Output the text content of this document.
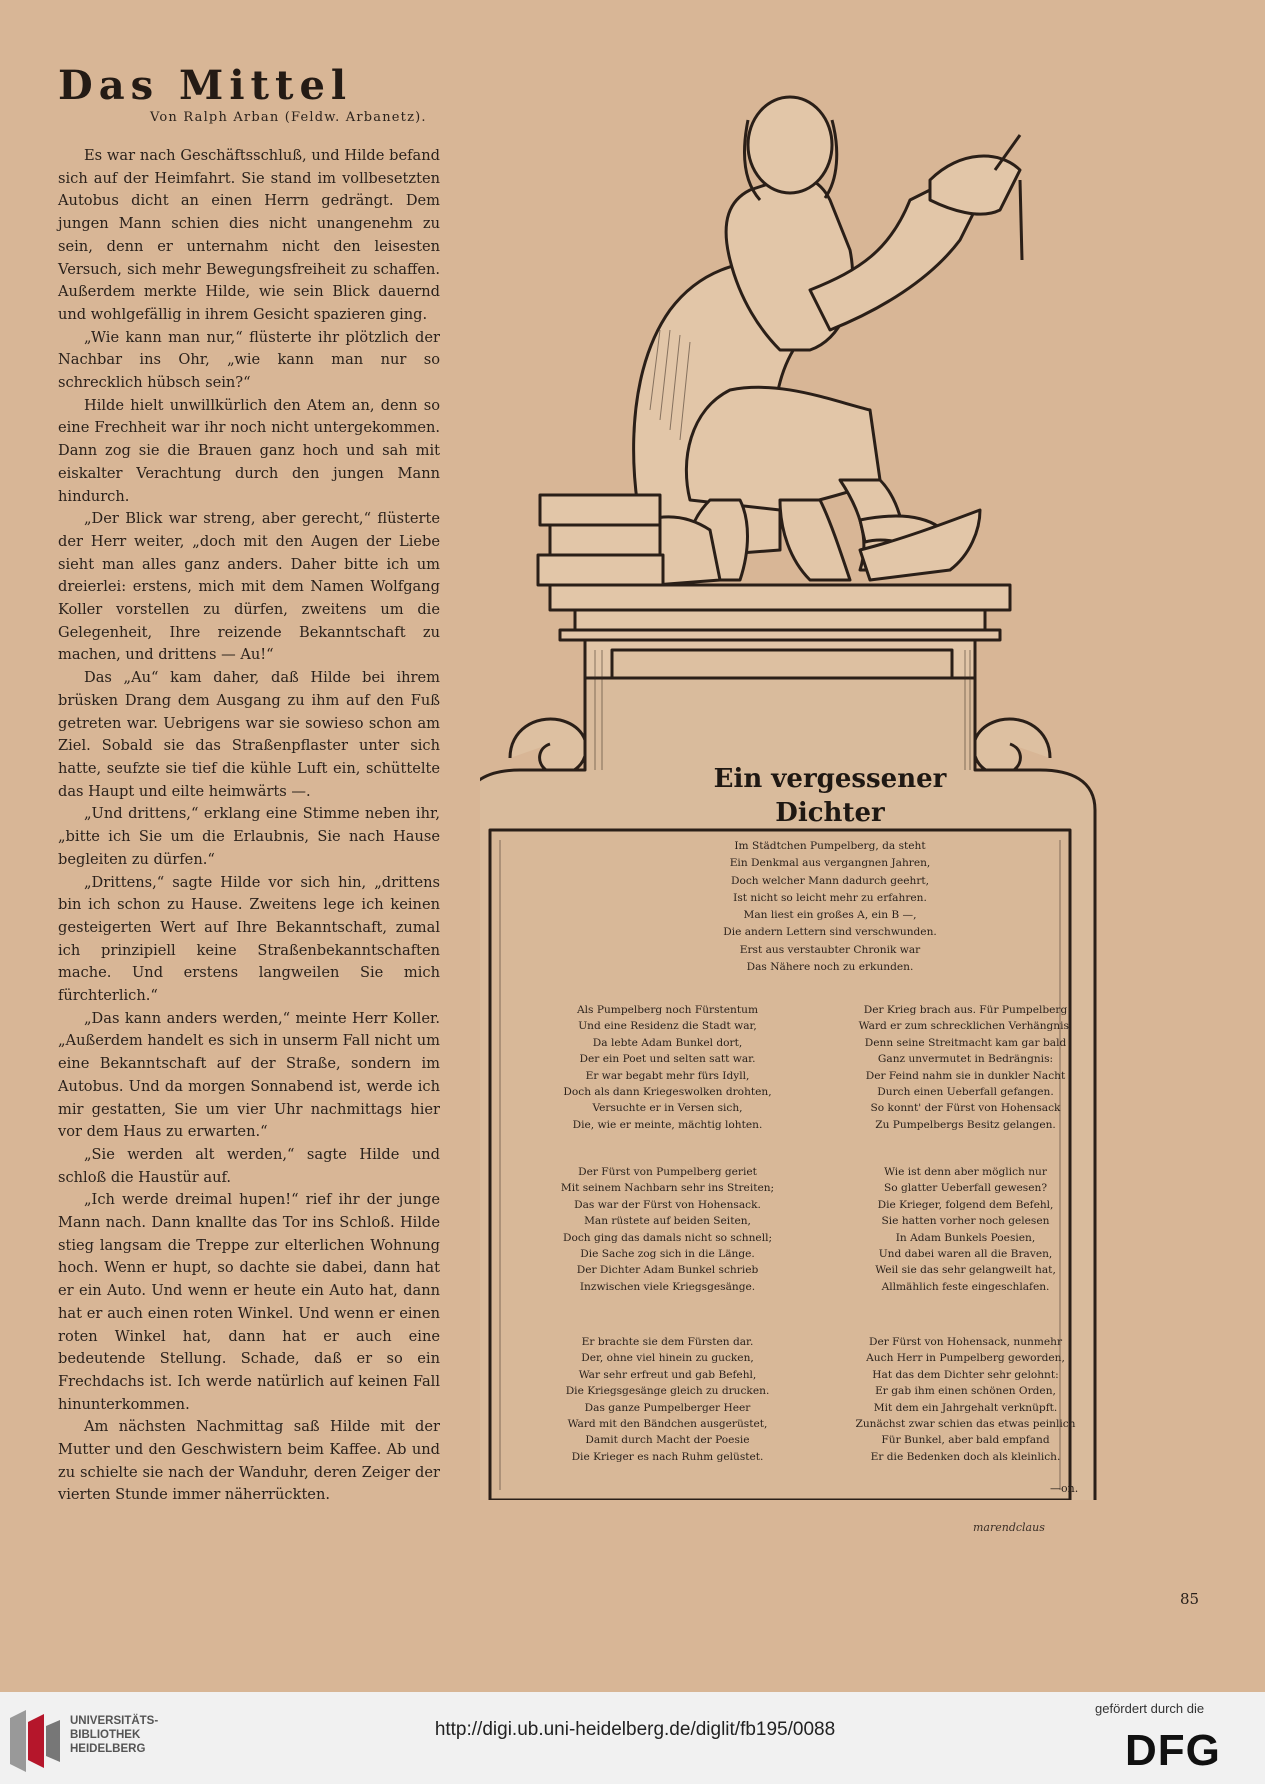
Das Mittel
Von Ralph Arban (Feldw. Arbanetz).

Es war nach Geschäftsschluß, und Hilde befand sich auf der Heimfahrt. Sie stand im vollbesetzten Autobus dicht an einen Herrn gedrängt. Dem jungen Mann schien dies nicht unangenehm zu sein, denn er unternahm nicht den leisesten Versuch, sich mehr Bewegungsfreiheit zu schaffen. Außerdem merkte Hilde, wie sein Blick dauernd und wohlgefällig in ihrem Gesicht spazieren ging.

„Wie kann man nur,“ flüsterte ihr plötzlich der Nachbar ins Ohr, „wie kann man nur so schrecklich hübsch sein?“

Hilde hielt unwillkürlich den Atem an, denn so eine Frechheit war ihr noch nicht untergekommen. Dann zog sie die Brauen ganz hoch und sah mit eiskalter Verachtung durch den jungen Mann hindurch.

„Der Blick war streng, aber gerecht,“ flüsterte der Herr weiter, „doch mit den Augen der Liebe sieht man alles ganz anders. Daher bitte ich um dreierlei: erstens, mich mit dem Namen Wolfgang Koller vorstellen zu dürfen, zweitens um die Gelegenheit, Ihre reizende Bekanntschaft zu machen, und drittens — Au!“

Das „Au“ kam daher, daß Hilde bei ihrem brüsken Drang dem Ausgang zu ihm auf den Fuß getreten war. Uebrigens war sie sowieso schon am Ziel. Sobald sie das Straßenpflaster unter sich hatte, seufzte sie tief die kühle Luft ein, schüttelte das Haupt und eilte heimwärts —.

„Und drittens,“ erklang eine Stimme neben ihr, „bitte ich Sie um die Erlaubnis, Sie nach Hause begleiten zu dürfen.“

„Drittens,“ sagte Hilde vor sich hin, „drittens bin ich schon zu Hause. Zweitens lege ich keinen gesteigerten Wert auf Ihre Bekanntschaft, zumal ich prinzipiell keine Straßenbekanntschaften mache. Und erstens langweilen Sie mich fürchterlich.“

„Das kann anders werden,“ meinte Herr Koller. „Außerdem handelt es sich in unserm Fall nicht um eine Bekanntschaft auf der Straße, sondern im Autobus. Und da morgen Sonnabend ist, werde ich mir gestatten, Sie um vier Uhr nachmittags hier vor dem Haus zu erwarten.“

„Sie werden alt werden,“ sagte Hilde und schloß die Haustür auf.

„Ich werde dreimal hupen!“ rief ihr der junge Mann nach. Dann knallte das Tor ins Schloß. Hilde stieg langsam die Treppe zur elterlichen Wohnung hoch. Wenn er hupt, so dachte sie dabei, dann hat er ein Auto. Und wenn er heute ein Auto hat, dann hat er auch einen roten Winkel. Und wenn er einen roten Winkel hat, dann hat er auch eine bedeutende Stellung. Schade, daß er so ein Frechdachs ist. Ich werde natürlich auf keinen Fall hinunterkommen.

Am nächsten Nachmittag saß Hilde mit der Mutter und den Geschwistern beim Kaffee. Ab und zu schielte sie nach der Wanduhr, deren Zeiger der vierten Stunde immer näherrückten.

Ein vergessener
Dichter
Im Städtchen Pumpelberg, da steht
Ein Denkmal aus vergangnen Jahren,
Doch welcher Mann dadurch geehrt,
Ist nicht so leicht mehr zu erfahren.
Man liest ein großes A, ein B —,
Die andern Lettern sind verschwunden.
Erst aus verstaubter Chronik war
Das Nähere noch zu erkunden.
Als Pumpelberg noch Fürstentum
Und eine Residenz die Stadt war,
Da lebte Adam Bunkel dort,
Der ein Poet und selten satt war.
Er war begabt mehr fürs Idyll,
Doch als dann Kriegeswolken drohten,
Versuchte er in Versen sich,
Die, wie er meinte, mächtig lohten.
Der Fürst von Pumpelberg geriet
Mit seinem Nachbarn sehr ins Streiten;
Das war der Fürst von Hohensack.
Man rüstete auf beiden Seiten,
Doch ging das damals nicht so schnell;
Die Sache zog sich in die Länge.
Der Dichter Adam Bunkel schrieb
Inzwischen viele Kriegsgesänge.
Er brachte sie dem Fürsten dar.
Der, ohne viel hinein zu gucken,
War sehr erfreut und gab Befehl,
Die Kriegsgesänge gleich zu drucken.
Das ganze Pumpelberger Heer
Ward mit den Bändchen ausgerüstet,
Damit durch Macht der Poesie
Die Krieger es nach Ruhm gelüstet.
Der Krieg brach aus. Für Pumpelberg
Ward er zum schrecklichen Verhängnis,
Denn seine Streitmacht kam gar bald
Ganz unvermutet in Bedrängnis:
Der Feind nahm sie in dunkler Nacht
Durch einen Ueberfall gefangen.
So konnt' der Fürst von Hohensack
Zu Pumpelbergs Besitz gelangen.
Wie ist denn aber möglich nur
So glatter Ueberfall gewesen?
Die Krieger, folgend dem Befehl,
Sie hatten vorher noch gelesen
In Adam Bunkels Poesien,
Und dabei waren all die Braven,
Weil sie das sehr gelangweilt hat,
Allmählich feste eingeschlafen.
Der Fürst von Hohensack, nunmehr
Auch Herr in Pumpelberg geworden,
Hat das dem Dichter sehr gelohnt:
Er gab ihm einen schönen Orden,
Mit dem ein Jahrgehalt verknüpft.
Zunächst zwar schien das etwas peinlich
Für Bunkel, aber bald empfand
Er die Bedenken doch als kleinlich.
—on.
marendclaus
85
UNIVERSITÄTS-
BIBLIOTHEK
HEIDELBERG
http://digi.ub.uni-heidelberg.de/diglit/fb195/0088
gefördert durch die
DFG
